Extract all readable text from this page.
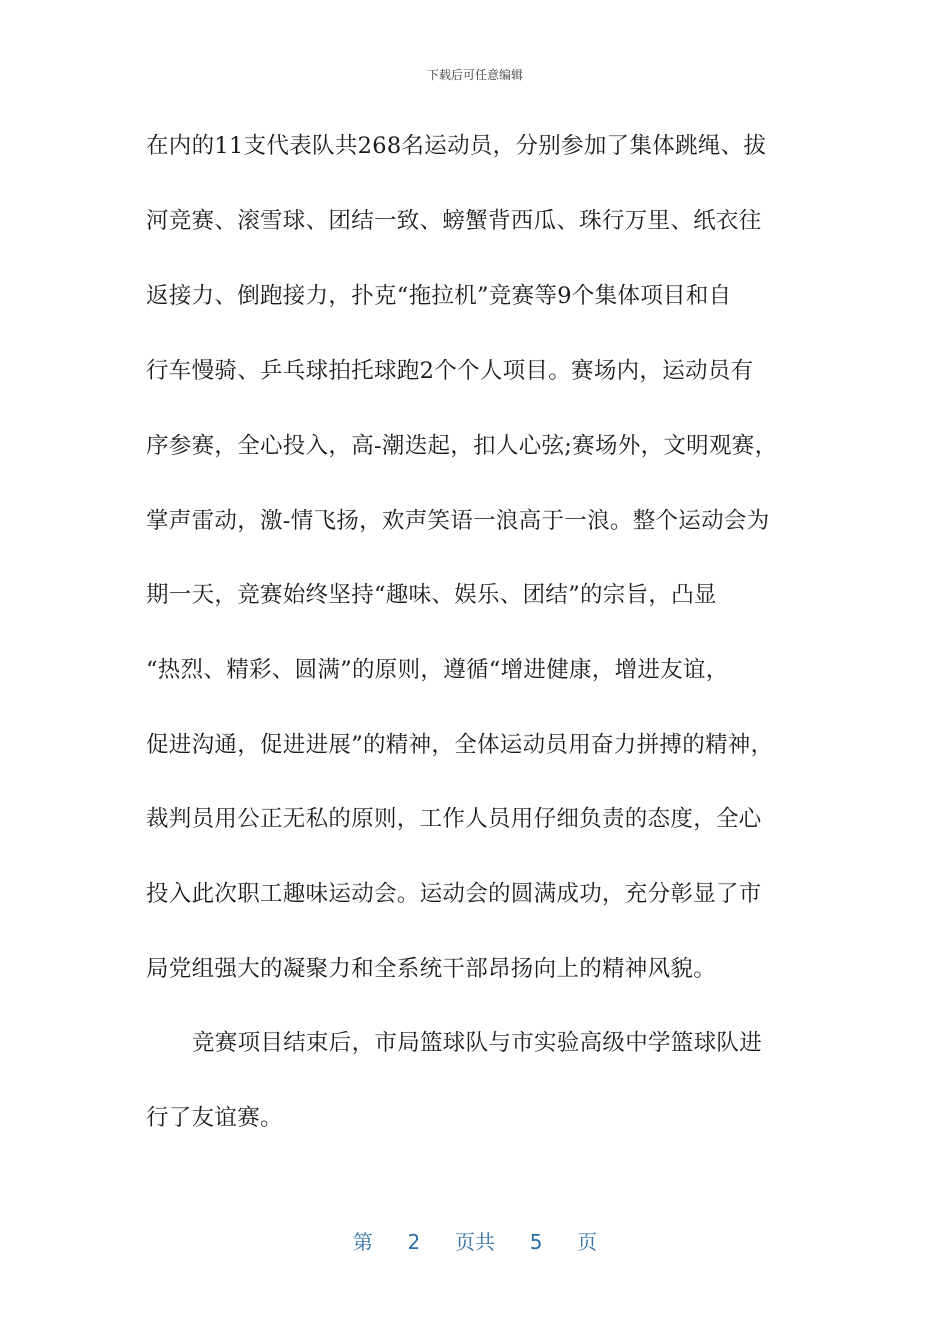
下载后可任意编辑
在内的11支代表队共268名运动员，分别参加了集体跳绳、拔
河竞赛、滚雪球、团结一致、螃蟹背西瓜、珠行万里、纸衣往
返接力、倒跑接力，扑克“拖拉机”竞赛等9个集体项目和自
行车慢骑、乒乓球拍托球跑2个个人项目。赛场内，运动员有
序参赛，全心投入，高-潮迭起，扣人心弦;赛场外，文明观赛，
掌声雷动，激-情飞扬，欢声笑语一浪高于一浪。整个运动会为
期一天，竞赛始终坚持“趣味、娱乐、团结”的宗旨，凸显
“热烈、精彩、圆满”的原则，遵循“增进健康，增进友谊，
促进沟通，促进进展”的精神，全体运动员用奋力拼搏的精神，
裁判员用公正无私的原则，工作人员用仔细负责的态度，全心
投入此次职工趣味运动会。运动会的圆满成功，充分彰显了市
局党组强大的凝聚力和全系统干部昂扬向上的精神风貌。
竞赛项目结束后，市局篮球队与市实验高级中学篮球队进
行了友谊赛。
第 2 页共 5 页
